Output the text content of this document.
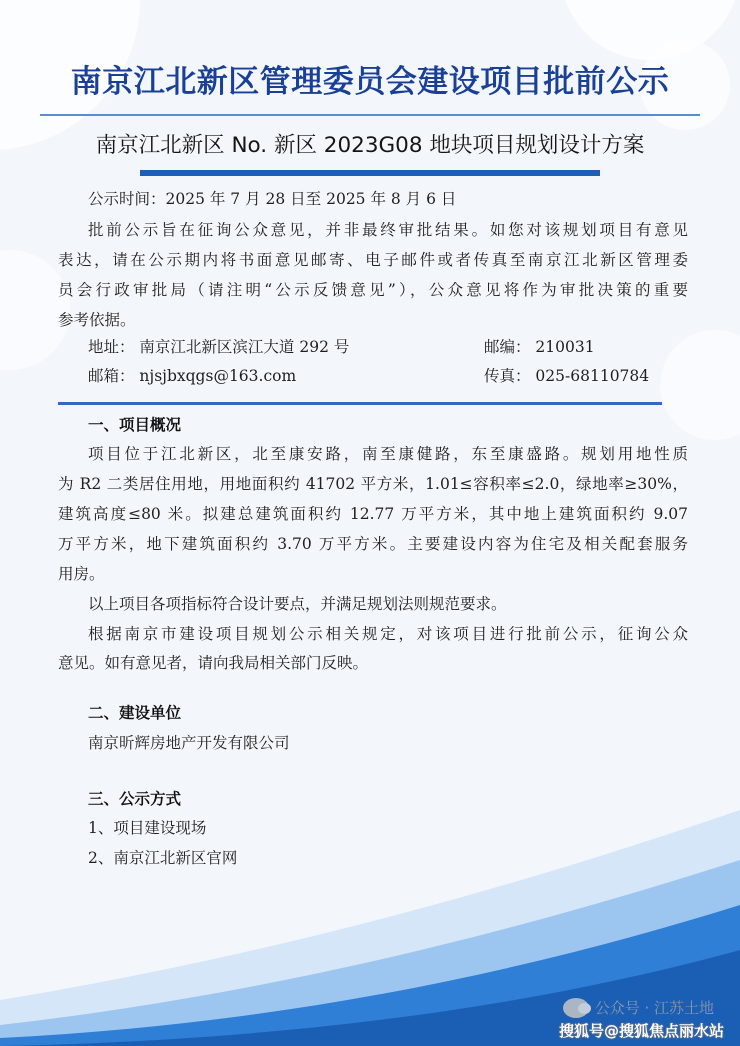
南京江北新区管理委员会建设项目批前公示
南京江北新区 No. 新区 2023G08 地块项目规划设计方案
公示时间：2025 年 7 月 28 日至 2025 年 8 月 6 日
批前公示旨在征询公众意见，并非最终审批结果。如您对该规划项目有意见
表达，请在公示期内将书面意见邮寄、电子邮件或者传真至南京江北新区管理委
员会行政审批局（请注明“公示反馈意见”），公众意见将作为审批决策的重要
参考依据。
地址： 南京江北新区滨江大道 292 号	邮编： 210031
邮箱： njsjbxqgs@163.com	传真： 025-68110784
一、项目概况
项目位于江北新区，北至康安路，南至康健路，东至康盛路。规划用地性质
为 R2 二类居住用地，用地面积约 41702 平方米，1.01≤容积率≤2.0，绿地率≥30%，
建筑高度≤80 米。拟建总建筑面积约 12.77 万平方米，其中地上建筑面积约 9.07
万平方米，地下建筑面积约 3.70 万平方米。主要建设内容为住宅及相关配套服务
用房。
以上项目各项指标符合设计要点，并满足规划法则规范要求。
根据南京市建设项目规划公示相关规定，对该项目进行批前公示，征询公众
意见。如有意见者，请向我局相关部门反映。
二、建设单位
南京昕辉房地产开发有限公司
三、公示方式
1、项目建设现场
2、南京江北新区官网
公众号 · 江苏土地
搜狐号@搜狐焦点丽水站
